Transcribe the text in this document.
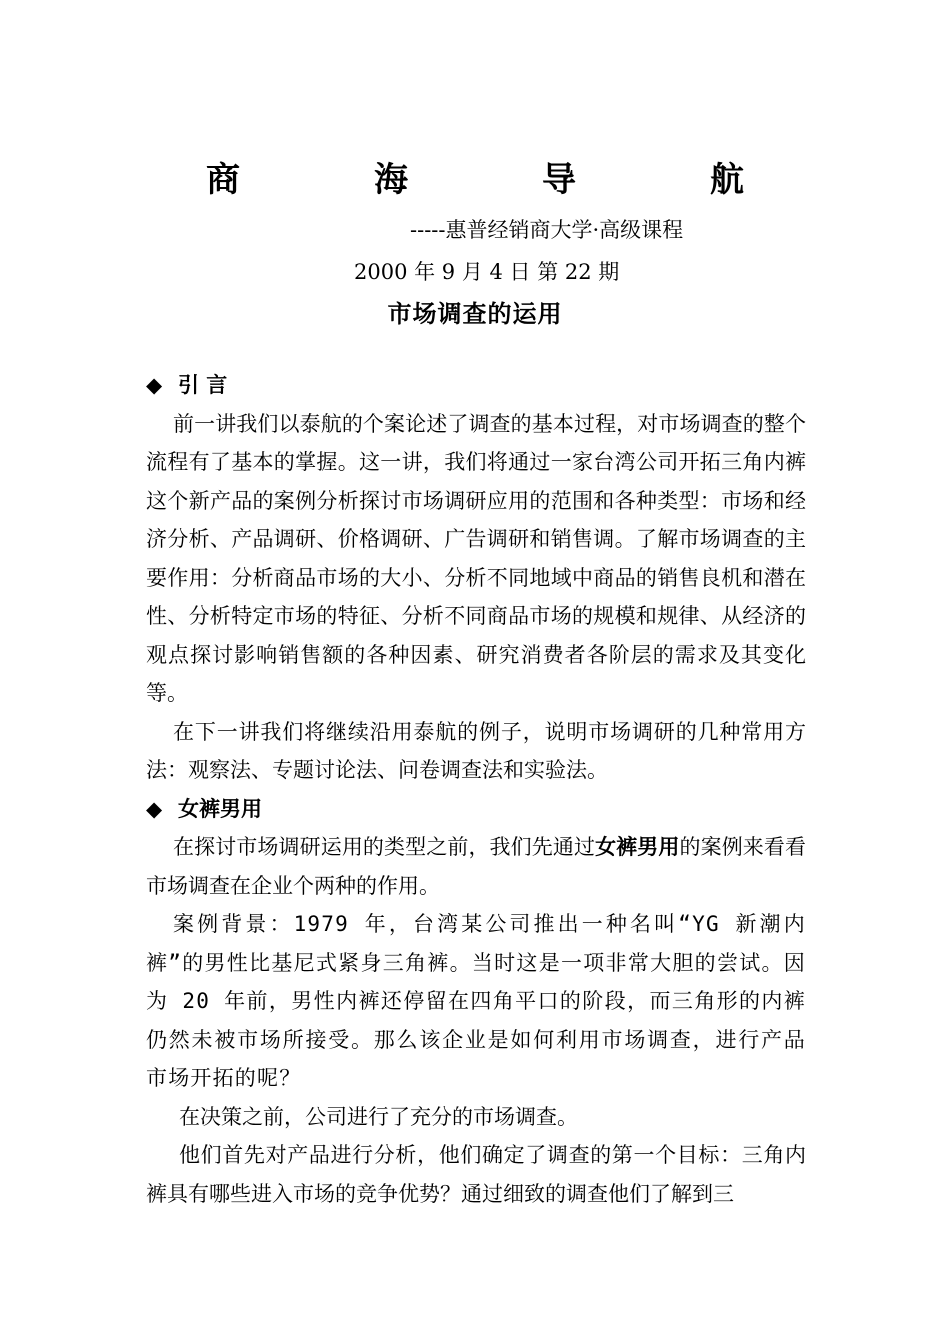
商　海　导　航
-----惠普经销商大学·高级课程
2000 年 9 月 4 日 第 22 期
市场调查的运用
◆ 引 言

前一讲我们以泰航的个案论述了调查的基本过程，对市场调查的整个流程有了基本的掌握。这一讲，我们将通过一家台湾公司开拓三角内裤这个新产品的案例分析探讨市场调研应用的范围和各种类型：市场和经济分析、产品调研、价格调研、广告调研和销售调。了解市场调查的主要作用：分析商品市场的大小、分析不同地域中商品的销售良机和潜在性、分析特定市场的特征、分析不同商品市场的规模和规律、从经济的观点探讨影响销售额的各种因素、研究消费者各阶层的需求及其变化等。

在下一讲我们将继续沿用泰航的例子，说明市场调研的几种常用方法：观察法、专题讨论法、问卷调查法和实验法。

◆ 女裤男用

在探讨市场调研运用的类型之前，我们先通过女裤男用的案例来看看市场调查在企业个两种的作用。

案例背景：1979 年，台湾某公司推出一种名叫“YG 新潮内裤”的男性比基尼式紧身三角裤。当时这是一项非常大胆的尝试。因为 20 年前，男性内裤还停留在四角平口的阶段，而三角形的内裤仍然未被市场所接受。那么该企业是如何利用市场调查，进行产品市场开拓的呢？

在决策之前，公司进行了充分的市场调查。

他们首先对产品进行分析，他们确定了调查的第一个目标：三角内裤具有哪些进入市场的竞争优势？通过细致的调查他们了解到三
